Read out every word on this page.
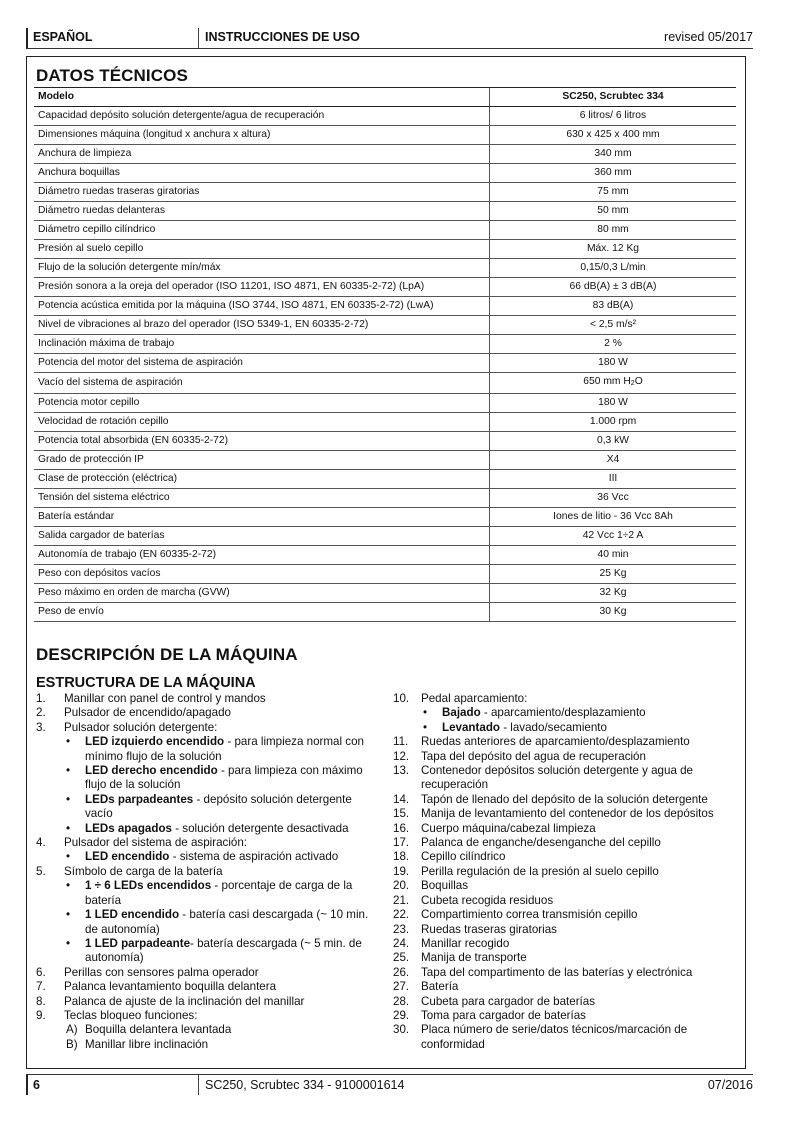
ESPAÑOL	INSTRUCCIONES DE USO	revised 05/2017
DATOS TÉCNICOS
Modelo	SC250, Scrubtec 334
Capacidad depósito solución detergente/agua de recuperación	6 litros/ 6 litros
Dimensiones máquina (longitud x anchura x altura)	630 x 425 x 400 mm
Anchura de limpieza	340 mm
Anchura boquillas	360 mm
Diámetro ruedas traseras giratorias	75 mm
Diámetro ruedas delanteras	50 mm
Diámetro cepillo cilíndrico	80 mm
Presión al suelo cepillo	Máx. 12 Kg
Flujo de la solución detergente mín/máx	0,15/0,3 L/min
Presión sonora a la oreja del operador (ISO 11201, ISO 4871, EN 60335-2-72) (LpA)	66 dB(A) ± 3 dB(A)
Potencia acústica emitida por la máquina (ISO 3744, ISO 4871, EN 60335-2-72) (LwA)	83 dB(A)
Nivel de vibraciones al brazo del operador (ISO 5349-1, EN 60335-2-72)	< 2,5 m/s²
Inclinación máxima de trabajo	2 %
Potencia del motor del sistema de aspiración	180 W
Vacío del sistema de aspiración	650 mm $H_2O$
Potencia motor cepillo	180 W
Velocidad de rotación cepillo	1.000 rpm
Potencia total absorbida (EN 60335-2-72)	0,3 kW
Grado de protección IP	X4
Clase de protección (eléctrica)	III
Tensión del sistema eléctrico	36 Vcc
Batería estándar	Iones de litio - 36 Vcc 8Ah
Salida cargador de baterías	42 Vcc 1÷2 A
Autonomía de trabajo (EN 60335-2-72)	40 min
Peso con depósitos vacíos	25 Kg
Peso máximo en orden de marcha (GVW)	32 Kg
Peso de envío	30 Kg
DESCRIPCIÓN DE LA MÁQUINA
ESTRUCTURA DE LA MÁQUINA
1. Manillar con panel de control y mandos
2. Pulsador de encendido/apagado
3. Pulsador solución detergente:
• LED izquierdo encendido - para limpieza normal con mínimo flujo de la solución
• LED derecho encendido - para limpieza con máximo flujo de la solución
• LEDs parpadeantes - depósito solución detergente vacío
• LEDs apagados - solución detergente desactivada
4. Pulsador del sistema de aspiración:
• LED encendido - sistema de aspiración activado
5. Símbolo de carga de la batería
• 1 ÷ 6 LEDs encendidos - porcentaje de carga de la batería
• 1 LED encendido - batería casi descargada (~ 10 min. de autonomía)
• 1 LED parpadeante- batería descargada (~ 5 min. de autonomía)
6. Perillas con sensores palma operador
7. Palanca levantamiento boquilla delantera
8. Palanca de ajuste de la inclinación del manillar
9. Teclas bloqueo funciones:
A) Boquilla delantera levantada
B) Manillar libre inclinación
10. Pedal aparcamiento:
• Bajado - aparcamiento/desplazamiento
• Levantado - lavado/secamiento
11. Ruedas anteriores de aparcamiento/desplazamiento
12. Tapa del depósito del agua de recuperación
13. Contenedor depósitos solución detergente y agua de recuperación
14. Tapón de llenado del depósito de la solución detergente
15. Manija de levantamiento del contenedor de los depósitos
16. Cuerpo máquina/cabezal limpieza
17. Palanca de enganche/desenganche del cepillo
18. Cepillo cilíndrico
19. Perilla regulación de la presión al suelo cepillo
20. Boquillas
21. Cubeta recogida residuos
22. Compartimiento correa transmisión cepillo
23. Ruedas traseras giratorias
24. Manillar recogido
25. Manija de transporte
26. Tapa del compartimento de las baterías y electrónica
27. Batería
28. Cubeta para cargador de baterías
29. Toma para cargador de baterías
30. Placa número de serie/datos técnicos/marcación de conformidad
6	SC250, Scrubtec 334 - 9100001614	07/2016
